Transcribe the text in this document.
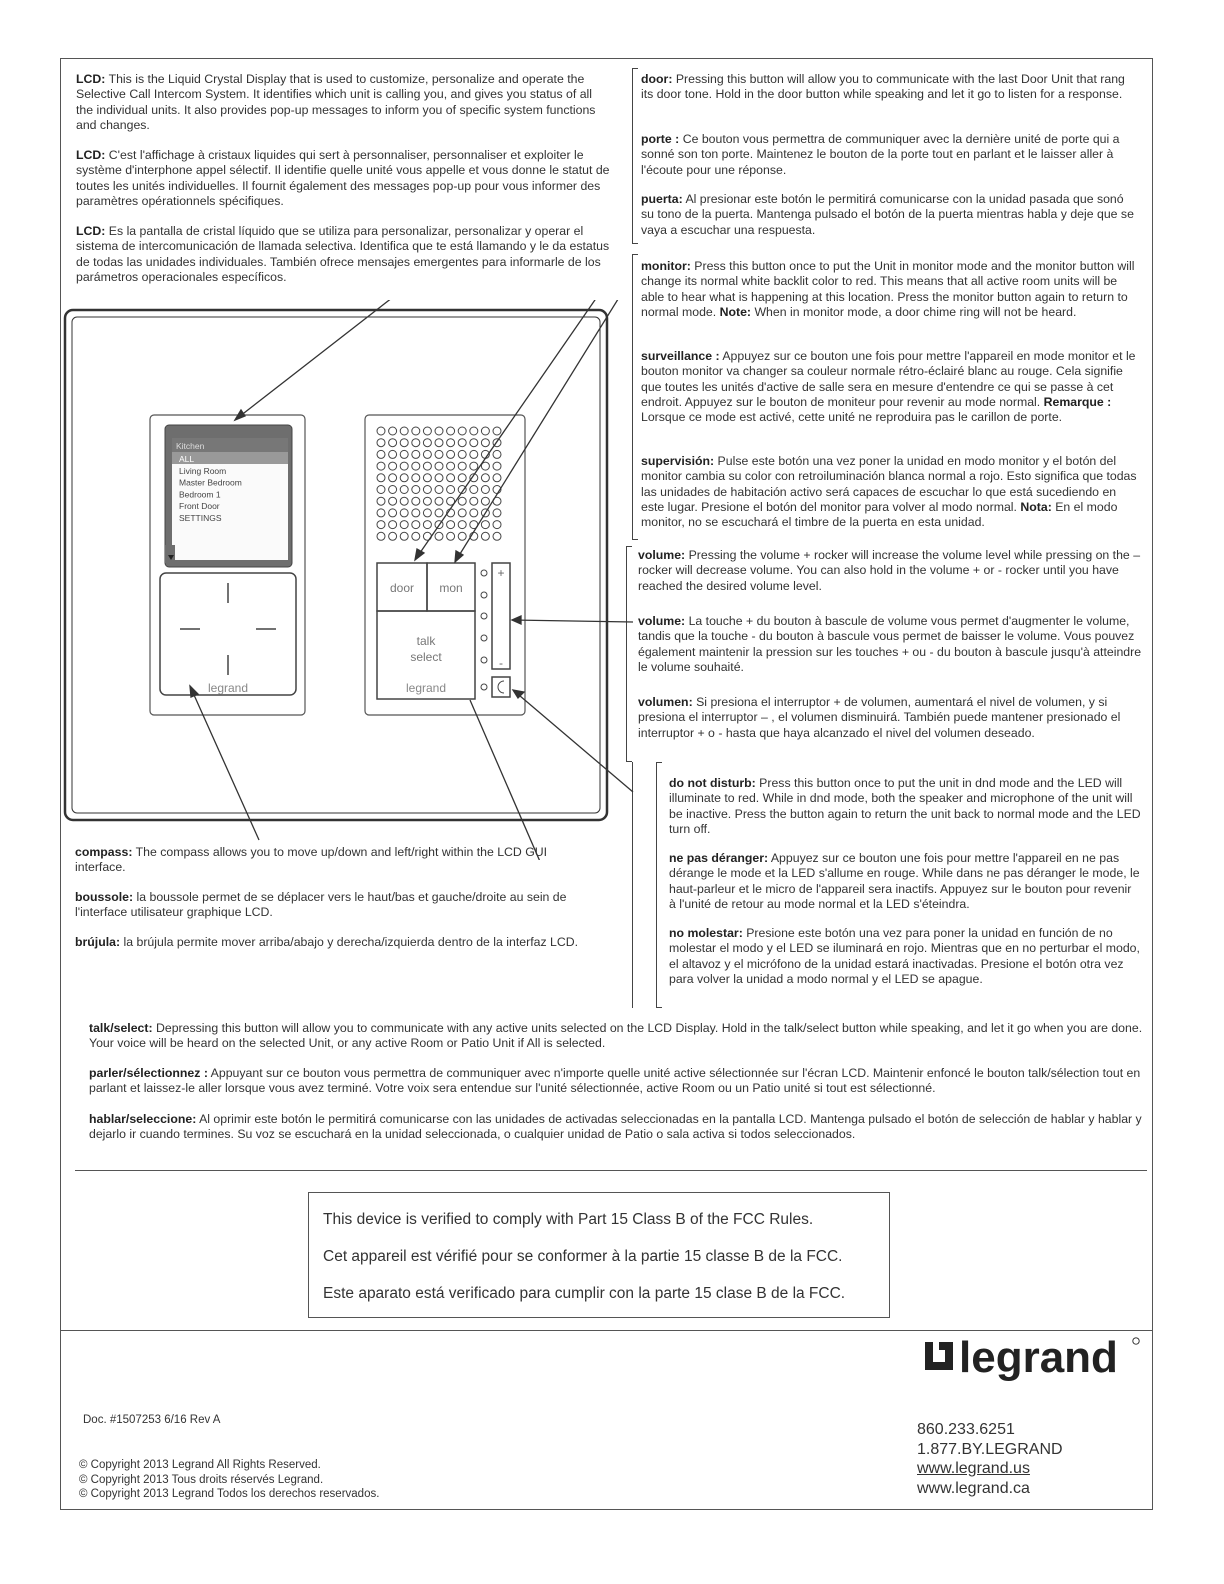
LCD: This is the Liquid Crystal Display that is used to customize, personalize and operate the Selective Call Intercom System. It identifies which unit is calling you, and gives you status of all the individual units. It also provides pop-up messages to inform you of specific system functions and changes.

LCD: C'est l'affichage à cristaux liquides qui sert à personnaliser, personnaliser et exploiter le système d'interphone appel sélectif. Il identifie quelle unité vous appelle et vous donne le statut de toutes les unités individuelles. Il fournit également des messages pop-up pour vous informer des paramètres opérationnels spécifiques.

LCD: Es la pantalla de cristal líquido que se utiliza para personalizar, personalizar y operar el sistema de intercomunicación de llamada selectiva. Identifica que te está llamando y le da estatus de todas las unidades individuales. También ofrece mensajes emergentes para informarle de los parámetros operacionales específicos.

door: Pressing this button will allow you to communicate with the last Door Unit that rang its door tone. Hold in the door button while speaking and let it go to listen for a response.

porte : Ce bouton vous permettra de communiquer avec la dernière unité de porte qui a sonné son ton porte. Maintenez le bouton de la porte tout en parlant et le laisser aller à l'écoute pour une réponse.

puerta: Al presionar este botón le permitirá comunicarse con la unidad pasada que sonó su tono de la puerta. Mantenga pulsado el botón de la puerta mientras habla y deje que se vaya a escuchar una respuesta.

monitor: Press this button once to put the Unit in monitor mode and the monitor button will change its normal white backlit color to red. This means that all active room units will be able to hear what is happening at this location. Press the monitor button again to return to normal mode. Note: When in monitor mode, a door chime ring will not be heard.

surveillance : Appuyez sur ce bouton une fois pour mettre l'appareil en mode monitor et le bouton monitor va changer sa couleur normale rétro-éclairé blanc au rouge. Cela signifie que toutes les unités d'active de salle sera en mesure d'entendre ce qui se passe à cet endroit. Appuyez sur le bouton de moniteur pour revenir au mode normal. Remarque : Lorsque ce mode est activé, cette unité ne reproduira pas le carillon de porte.

supervisión: Pulse este botón una vez poner la unidad en modo monitor y el botón del monitor cambia su color con retroiluminación blanca normal a rojo. Esto significa que todas las unidades de habitación activo será capaces de escuchar lo que está sucediendo en este lugar. Presione el botón del monitor para volver al modo normal. Nota: En el modo monitor, no se escuchará el timbre de la puerta en esta unidad.

volume: Pressing the volume + rocker will increase the volume level while pressing on the – rocker will decrease volume. You can also hold in the volume + or - rocker until you have reached the desired volume level.

volume: La touche + du bouton à bascule de volume vous permet d'augmenter le volume, tandis que la touche - du bouton à bascule vous permet de baisser le volume. Vous pouvez également maintenir la pression sur les touches + ou - du bouton à bascule jusqu'à atteindre le volume souhaité.

volumen: Si presiona el interruptor + de volumen, aumentará el nivel de volumen, y si presiona el interruptor – , el volumen disminuirá. También puede mantener presionado el interruptor + o - hasta que haya alcanzado el nivel del volumen deseado.

do not disturb: Press this button once to put the unit in dnd mode and the LED will illuminate to red. While in dnd mode, both the speaker and microphone of the unit will be inactive. Press the button again to return the unit back to normal mode and the LED turn off.

ne pas déranger: Appuyez sur ce bouton une fois pour mettre l'appareil en ne pas dérange le mode et la LED s'allume en rouge. While dans ne pas déranger le mode, le haut-parleur et le micro de l'appareil sera inactifs. Appuyez sur le bouton pour revenir à l'unité de retour au mode normal et la LED s'éteindra.

no molestar: Presione este botón una vez para poner la unidad en función de no molestar el modo y el LED se iluminará en rojo. Mientras que en no perturbar el modo, el altavoz y el micrófono de la unidad estará inactivadas. Presione el botón otra vez para volver la unidad a modo normal y el LED se apague.

compass: The compass allows you to move up/down and left/right within the LCD GUI interface.

boussole: la boussole permet de se déplacer vers le haut/bas et gauche/droite au sein de l'interface utilisateur graphique LCD.

brújula: la brújula permite mover arriba/abajo y derecha/izquierda dentro de la interfaz LCD.

talk/select: Depressing this button will allow you to communicate with any active units selected on the LCD Display. Hold in the talk/select button while speaking, and let it go when you are done. Your voice will be heard on the selected Unit, or any active Room or Patio Unit if All is selected.

parler/sélectionnez : Appuyant sur ce bouton vous permettra de communiquer avec n'importe quelle unité active sélectionnée sur l'écran LCD. Maintenir enfoncé le bouton talk/sélection tout en parlant et laissez-le aller lorsque vous avez terminé. Votre voix sera entendue sur l'unité sélectionnée, active Room ou un Patio unité si tout est sélectionné.

hablar/seleccione: Al oprimir este botón le permitirá comunicarse con las unidades de activadas seleccionadas en la pantalla LCD. Mantenga pulsado el botón de selección de hablar y hablar y dejarlo ir cuando termines. Su voz se escuchará en la unidad seleccionada, o cualquier unidad de Patio o sala activa si todos seleccionados.

Kitchen
ALL
Living Room
Master Bedroom
Bedroom 1
Front Door
SETTINGS
legrand
door mon
talk
select
legrand
+
-

This device is verified to comply with Part 15 Class B of the FCC Rules.

Cet appareil est vérifié pour se conformer à la partie 15 classe B de la FCC.

Este aparato está verificado para cumplir con la parte 15 clase B de la FCC.

legrand
Doc. #1507253 6/16 Rev A
© Copyright 2013 Legrand All Rights Reserved.
© Copyright 2013 Tous droits réservés Legrand.
© Copyright 2013 Legrand Todos los derechos reservados.

860.233.6251

1.877.BY.LEGRAND

www.legrand.us

www.legrand.ca
